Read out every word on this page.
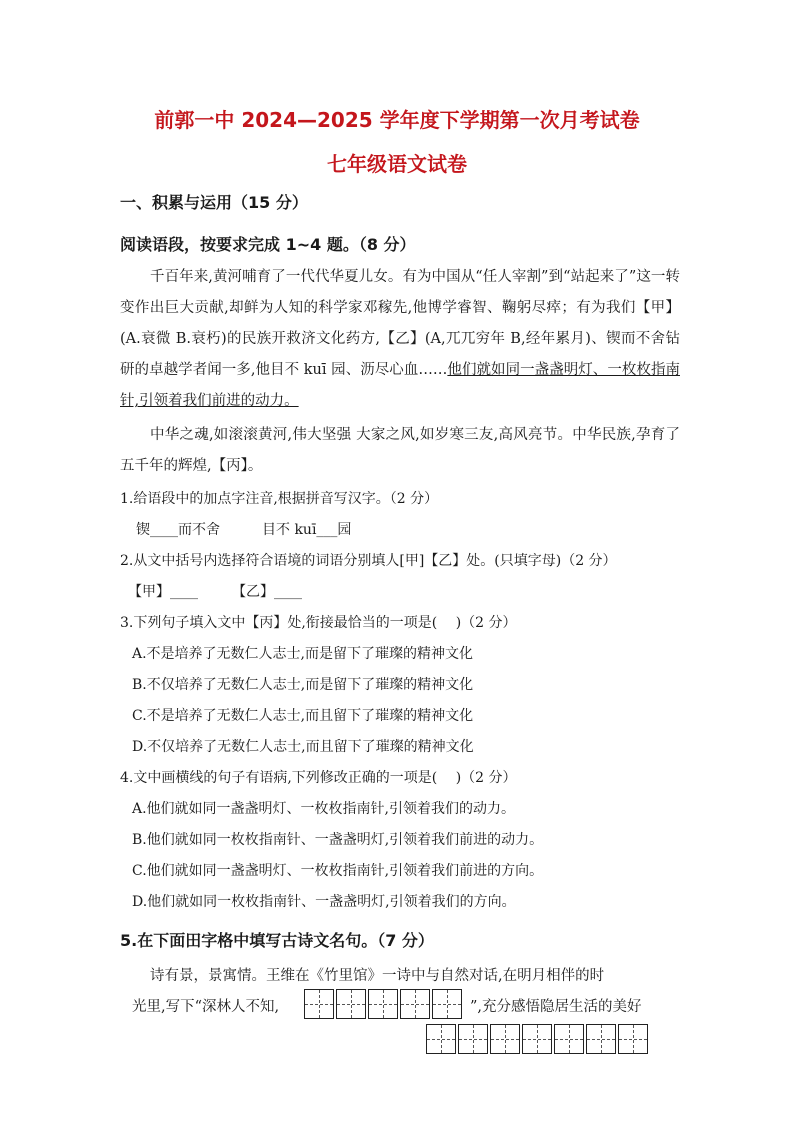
前郭一中 2024—2025 学年度下学期第一次月考试卷
七年级语文试卷
一、积累与运用（15 分）
阅读语段，按要求完成 1~4 题。（8 分）
千百年来,黄河哺育了一代代华夏儿女。有为中国从“任人宰割”到“站起来了”这一转变作出巨大贡献,却鲜为人知的科学家邓稼先,他博学睿智、鞠躬尽瘁；有为我们【甲】(A.衰微 B.衰朽)的民族开救济文化药方,【乙】(A,兀兀穷年 B,经年累月)、锲而不舍钻研的卓越学者闻一多,他目不 kuī 园、沥尽心血……他们就如同一盏盏明灯、一枚枚指南针,引领着我们前进的动力。
中华之魂,如滚滚黄河,伟大坚强 大家之风,如岁寒三友,高风亮节。中华民族,孕育了五千年的辉煌,【丙】。
1.给语段中的加点字注音,根据拼音写汉字。（2 分）
锲____而不舍	目不 kuī___园
2.从文中括号内选择符合语境的词语分别填人[甲]【乙】处。(只填字母)（2 分）
【甲】____ 【乙】____
3.下列句子填入文中【丙】处,衔接最恰当的一项是(　 )（2 分）
A.不是培养了无数仁人志士,而是留下了璀璨的精神文化
B.不仅培养了无数仁人志士,而是留下了璀璨的精神文化
C.不是培养了无数仁人志士,而且留下了璀璨的精神文化
D.不仅培养了无数仁人志士,而且留下了璀璨的精神文化
4.文中画横线的句子有语病,下列修改正确的一项是(　 )（2 分）
A.他们就如同一盏盏明灯、一枚枚指南针,引领着我们的动力。
B.他们就如同一枚枚指南针、一盏盏明灯,引领着我们前进的动力。
C.他们就如同一盏盏明灯、一枚枚指南针,引领着我们前进的方向。
D.他们就如同一枚枚指南针、一盏盏明灯,引领着我们的方向。
5.在下面田字格中填写古诗文名句。（7 分）
诗有景，景寓情。王维在《竹里馆》一诗中与自然对话,在明月相伴的时
光里,写下“深林人不知,	”,充分感悟隐居生活的美好
